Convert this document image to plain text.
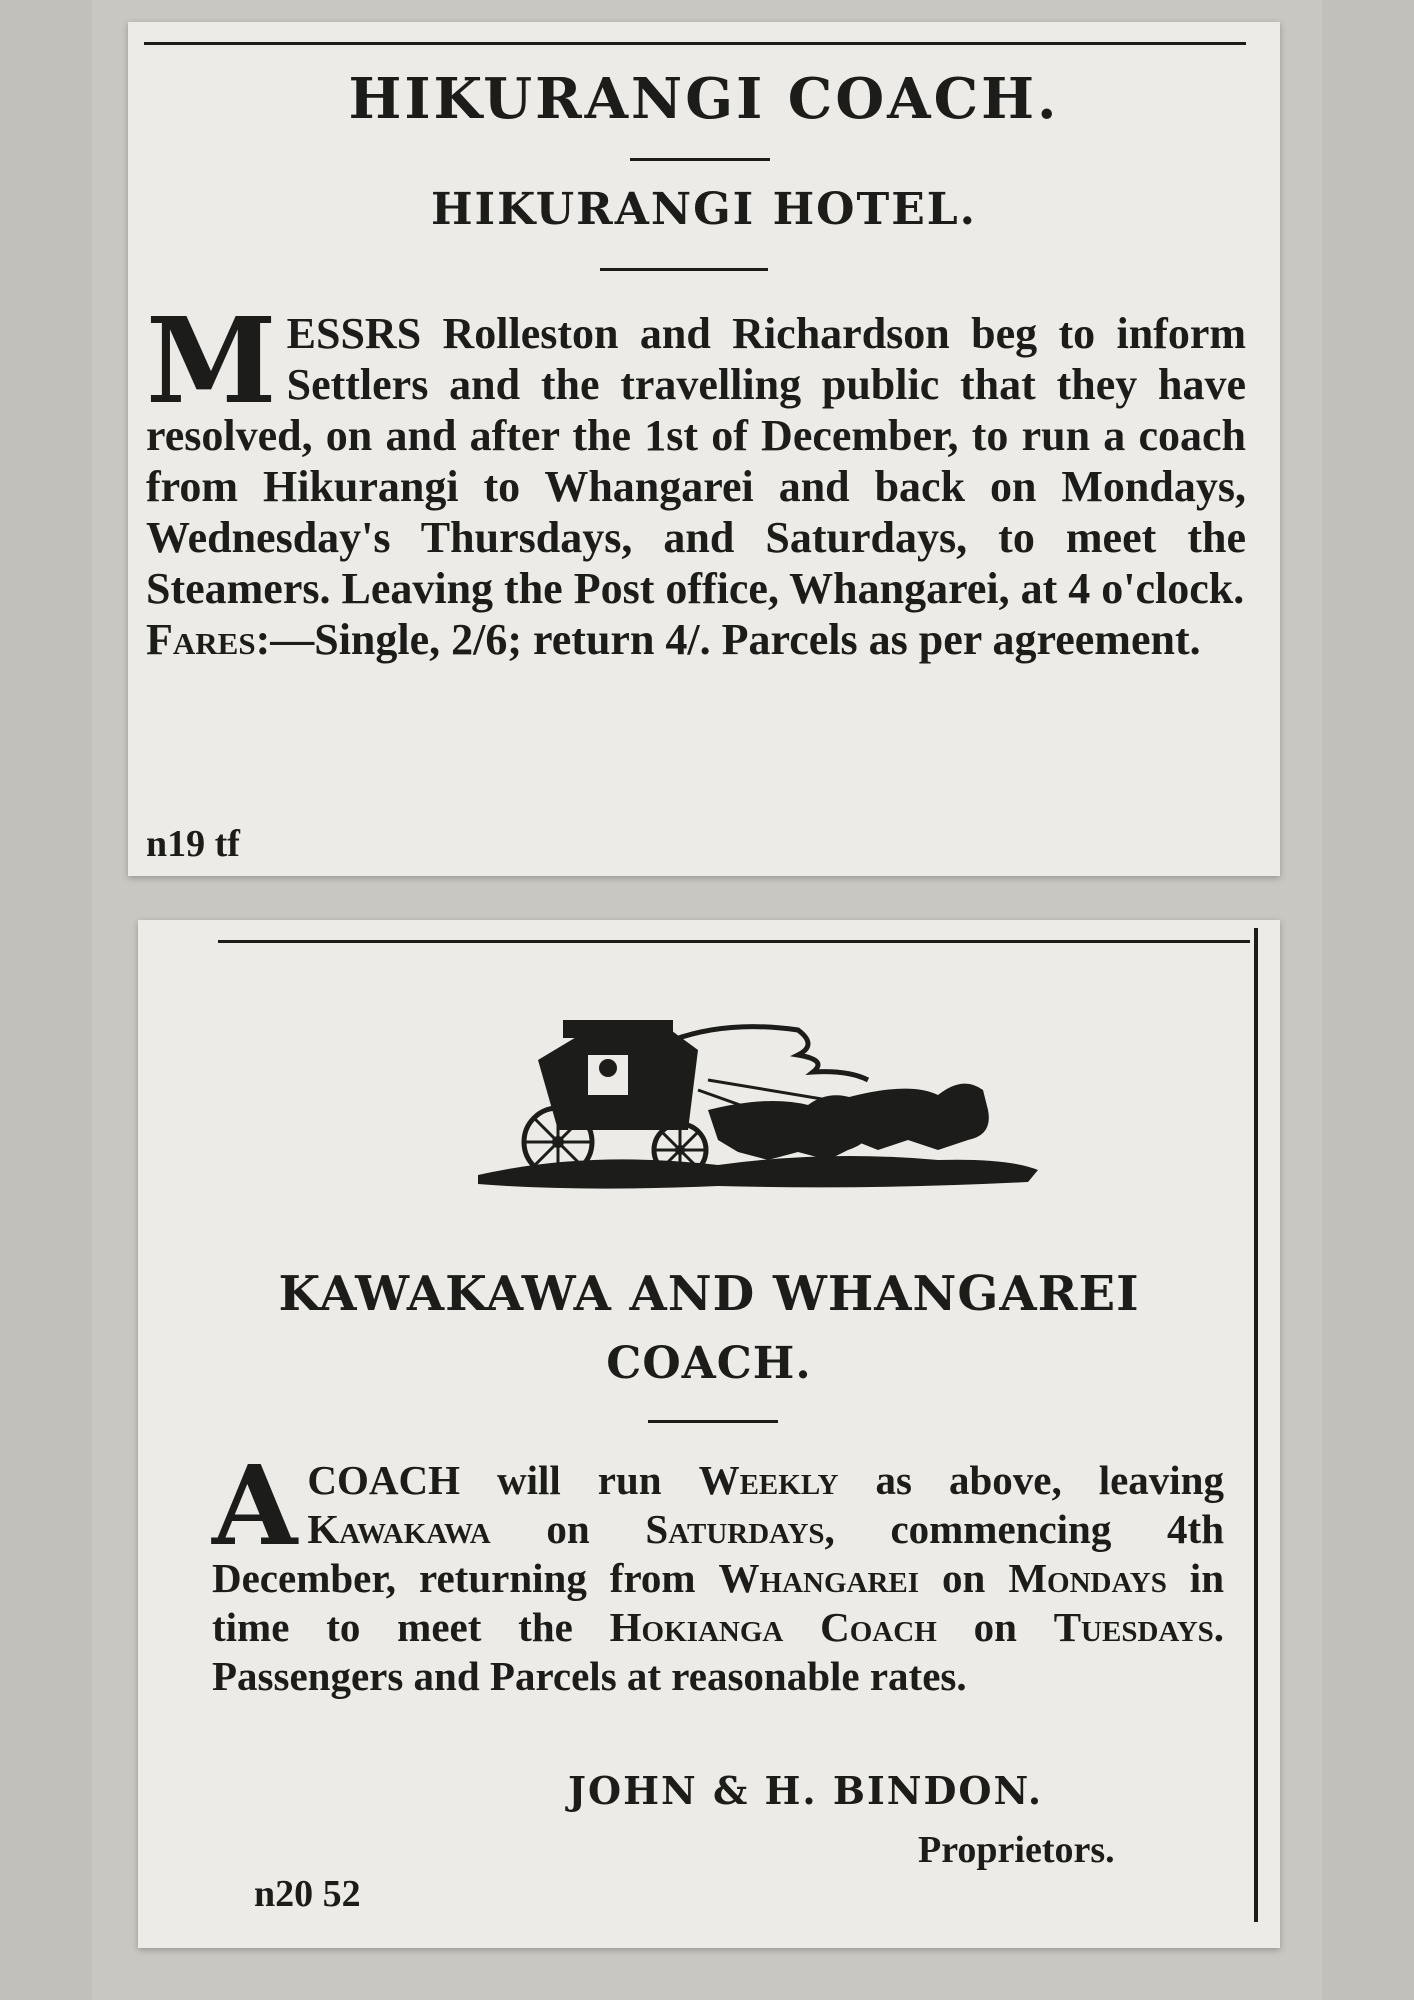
HIKURANGI COACH.
HIKURANGI HOTEL.
MESSRS Rolleston and Richardson beg to inform Settlers and the travelling public that they have resolved, on and after the 1st of December, to run a coach from Hikurangi to Whangarei and back on Mondays, Wednesday's Thursdays, and Saturdays, to meet the Steamers. Leaving the Post office, Whangarei, at 4 o'clock.
Fares:—Single, 2/6; return 4/. Parcels as per agreement.
n19 tf
KAWAKAWA AND WHANGAREI
COACH.
ACOACH will run Weekly as above, leaving Kawakawa on Saturdays, commencing 4th December, returning from Whangarei on Mondays in time to meet the Hokianga Coach on Tuesdays. Passengers and Parcels at reasonable rates.
JOHN & H. BINDON.
Proprietors.
n20 52
